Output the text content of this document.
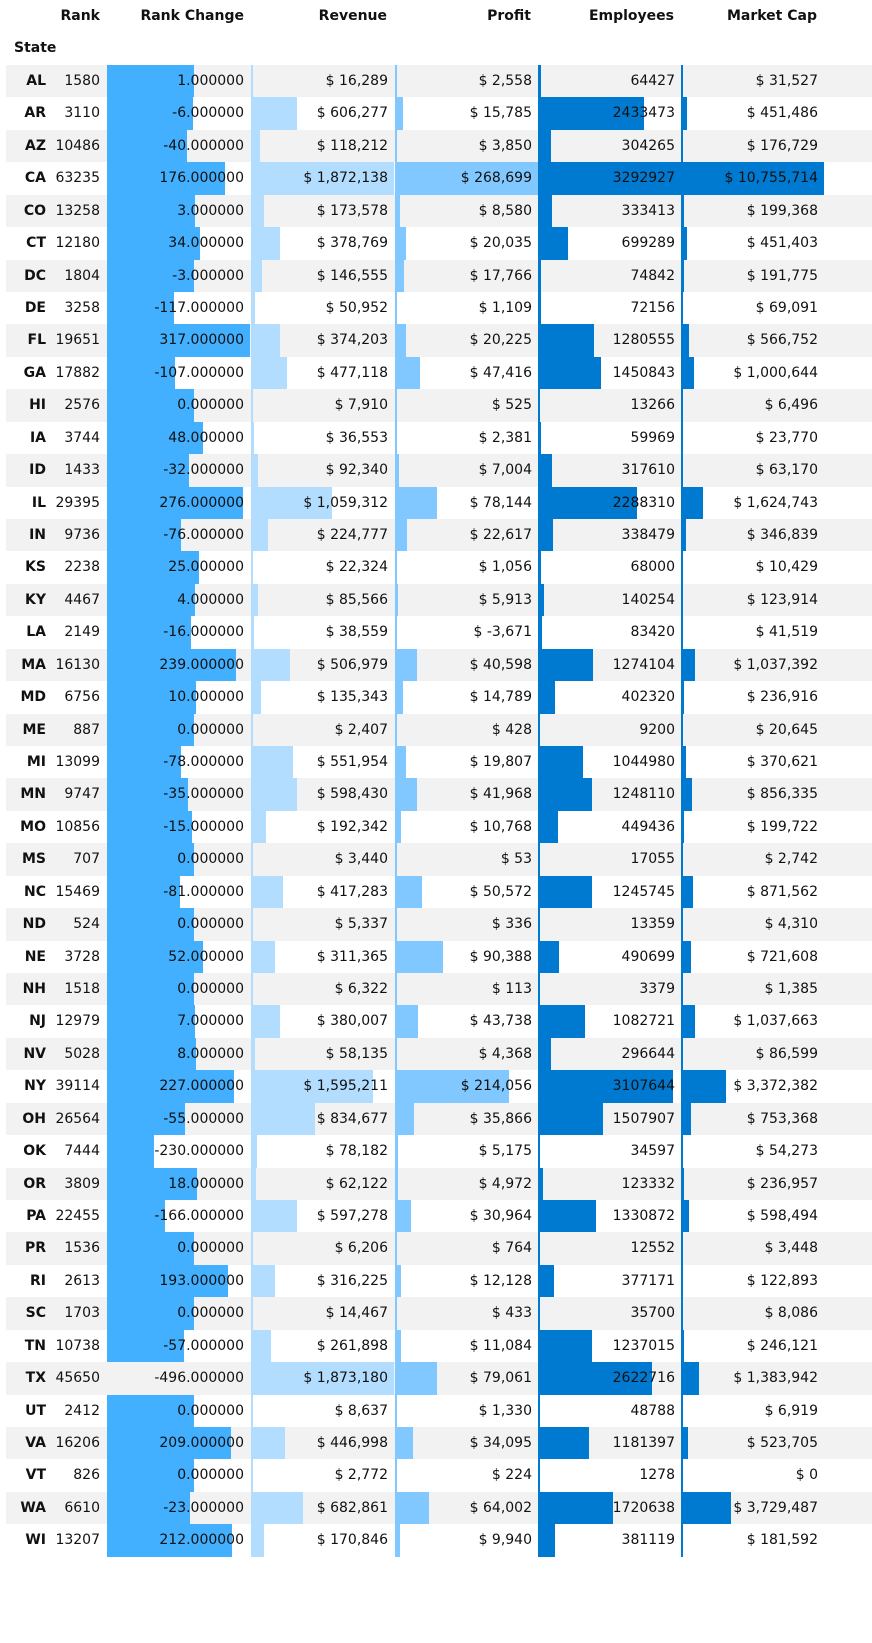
Rank	Rank Change	Revenue	Profit	Employees	Market Cap
State
AL	1580	1.000000	$ 16,289	$ 2,558	64427	$ 31,527
AR	3110	-6.000000	$ 606,277	$ 15,785	2433473	$ 451,486
AZ 10486	-40.000000	$ 118,212	$ 3,850	304265	$ 176,729
CA 63235	176.000000	$ 1,872,138	$ 268,699	3292927	$ 10,755,714
CO 13258	3.000000	$ 173,578	$ 8,580	333413	$ 199,368
CT 12180	34.000000	$ 378,769	$ 20,035	699289	$ 451,403
DC	1804	-3.000000	$ 146,555	$ 17,766	74842	$ 191,775
DE	3258	-117.000000	$ 50,952	$ 1,109	72156	$ 69,091
FL 19651	317.000000	$ 374,203	$ 20,225	1280555	$ 566,752
GA 17882	-107.000000	$ 477,118	$ 47,416	1450843	$ 1,000,644
HI	2576	0.000000	$ 7,910	$ 525	13266	$ 6,496
IA	3744	48.000000	$ 36,553	$ 2,381	59969	$ 23,770
ID	1433	-32.000000	$ 92,340	$ 7,004	317610	$ 63,170
IL 29395	276.000000	$ 1,059,312	$ 78,144	2288310	$ 1,624,743
IN	9736	-76.000000	$ 224,777	$ 22,617	338479	$ 346,839
KS	2238	25.000000	$ 22,324	$ 1,056	68000	$ 10,429
KY	4467	4.000000	$ 85,566	$ 5,913	140254	$ 123,914
LA	2149	-16.000000	$ 38,559	$ -3,671	83420	$ 41,519
MA 16130	239.000000	$ 506,979	$ 40,598	1274104	$ 1,037,392
MD	6756	10.000000	$ 135,343	$ 14,789	402320	$ 236,916
ME	887	0.000000	$ 2,407	$ 428	9200	$ 20,645
MI 13099	-78.000000	$ 551,954	$ 19,807	1044980	$ 370,621
MN	9747	-35.000000	$ 598,430	$ 41,968	1248110	$ 856,335
MO 10856	-15.000000	$ 192,342	$ 10,768	449436	$ 199,722
MS	707	0.000000	$ 3,440	$ 53	17055	$ 2,742
NC 15469	-81.000000	$ 417,283	$ 50,572	1245745	$ 871,562
ND	524	0.000000	$ 5,337	$ 336	13359	$ 4,310
NE	3728	52.000000	$ 311,365	$ 90,388	490699	$ 721,608
NH	1518	0.000000	$ 6,322	$ 113	3379	$ 1,385
NJ 12979	7.000000	$ 380,007	$ 43,738	1082721	$ 1,037,663
NV	5028	8.000000	$ 58,135	$ 4,368	296644	$ 86,599
NY 39114	227.000000	$ 1,595,211	$ 214,056	3107644	$ 3,372,382
OH 26564	-55.000000	$ 834,677	$ 35,866	1507907	$ 753,368
OK	7444	-230.000000	$ 78,182	$ 5,175	34597	$ 54,273
OR	3809	18.000000	$ 62,122	$ 4,972	123332	$ 236,957
PA 22455	-166.000000	$ 597,278	$ 30,964	1330872	$ 598,494
PR	1536	0.000000	$ 6,206	$ 764	12552	$ 3,448
RI	2613	193.000000	$ 316,225	$ 12,128	377171	$ 122,893
SC	1703	0.000000	$ 14,467	$ 433	35700	$ 8,086
TN 10738	-57.000000	$ 261,898	$ 11,084	1237015	$ 246,121
TX 45650	-496.000000	$ 1,873,180	$ 79,061	2622716	$ 1,383,942
UT	2412	0.000000	$ 8,637	$ 1,330	48788	$ 6,919
VA 16206	209.000000	$ 446,998	$ 34,095	1181397	$ 523,705
VT	826	0.000000	$ 2,772	$ 224	1278	$ 0
WA	6610	-23.000000	$ 682,861	$ 64,002	1720638	$ 3,729,487
WI 13207	212.000000	$ 170,846	$ 9,940	381119	$ 181,592
